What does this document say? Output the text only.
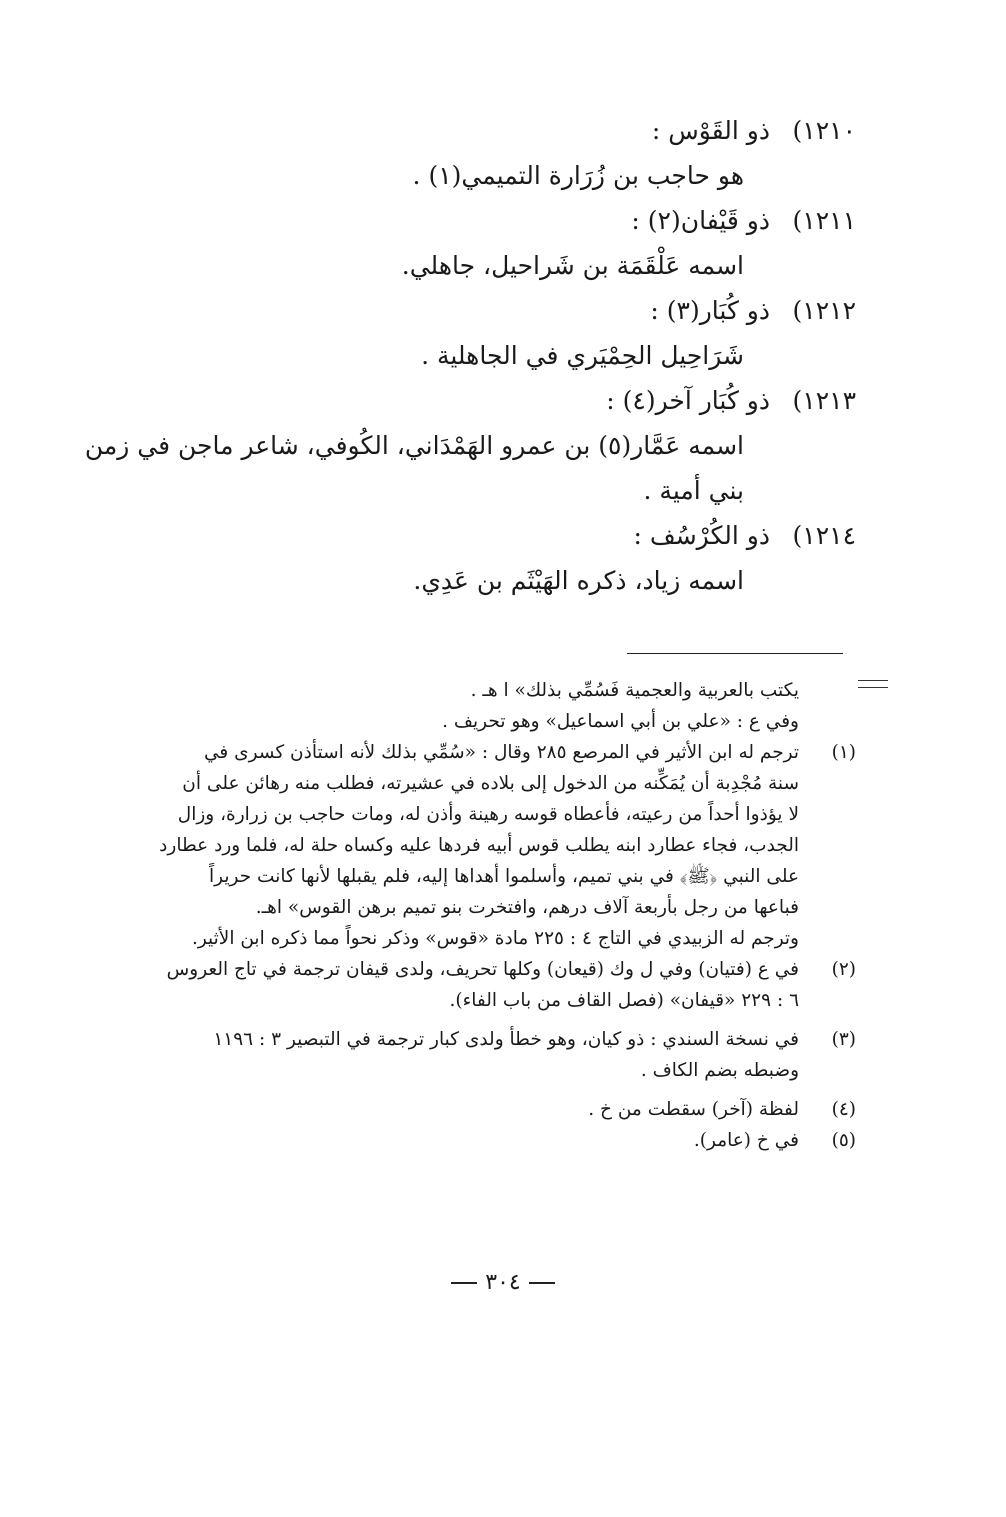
١٢١٠)ذو القَوْس :
هو حاجب بن زُرَارة التميمي(١) .
١٢١١)ذو قَيْفان(٢) :
اسمه عَلْقَمَة بن شَراحيل، جاهلي.
١٢١٢)ذو كُبَار(٣) :
شَرَاحِيل الحِمْيَري في الجاهلية .
١٢١٣)ذو كُبَار آخر(٤) :
اسمه عَمَّار(٥) بن عمرو الهَمْدَاني، الكُوفي، شاعر ماجن في زمن
بني أمية .
١٢١٤)ذو الكُرْسُف :
اسمه زياد، ذكره الهَيْثَم بن عَدِي.
يكتب بالعربية والعجمية فَسُمِّي بذلك» ا هـ .
وفي ع : «علي بن أبي اسماعيل» وهو تحريف .
(١)
ترجم له ابن الأثير في المرصع ٢٨٥ وقال : «سُمِّي بذلك لأنه استأذن كسرى في
سنة مُجْدِبة أن يُمَكِّنه من الدخول إلى بلاده في عشيرته، فطلب منه رهائن على أن
لا يؤذوا أحداً من رعيته، فأعطاه قوسه رهينة وأذن له، ومات حاجب بن زرارة، وزال
الجدب، فجاء عطارد ابنه يطلب قوس أبيه فردها عليه وكساه حلة له، فلما ورد عطارد
على النبي ﴿ﷺ﴾ في بني تميم، وأسلموا أهداها إليه، فلم يقبلها لأنها كانت حريراً
فباعها من رجل بأربعة آلاف درهم، وافتخرت بنو تميم برهن القوس» اهـ.
وترجم له الزبيدي في التاج ٤ : ٢٢٥ مادة «قوس» وذكر نحواً مما ذكره ابن الأثير.
(٢)
في ع (فتيان) وفي ل وك (قيعان) وكلها تحريف، ولدى قيفان ترجمة في تاج العروس
٦ : ٢٢٩ «قيفان» (فصل القاف من باب الفاء).
(٣)
في نسخة السندي : ذو كيان، وهو خطأ ولدى كبار ترجمة في التبصير ٣ : ١١٩٦
وضبطه بضم الكاف .
(٤)
لفظة (آخر) سقطت من خ .
(٥)
في خ (عامر).
٣٠٤
